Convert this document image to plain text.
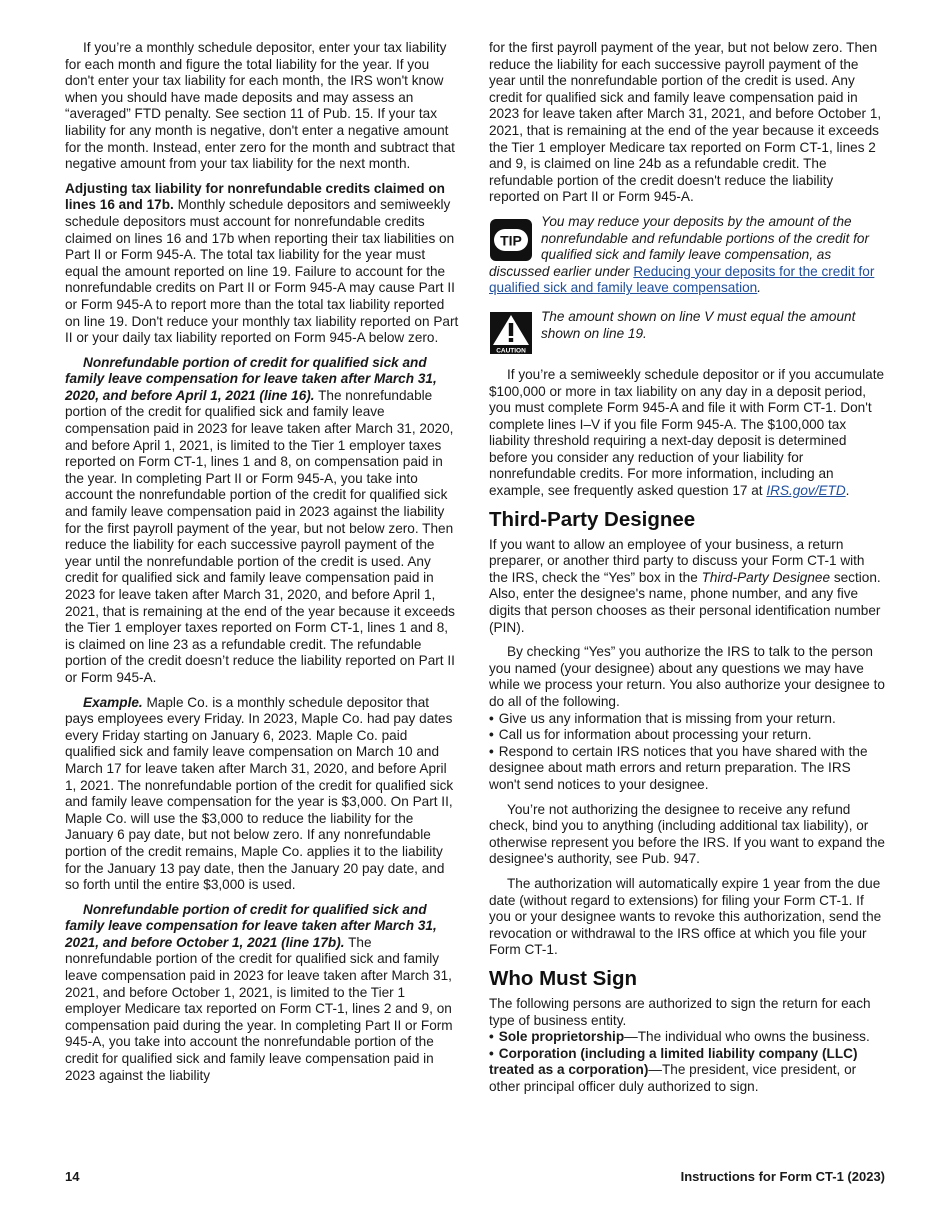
If you’re a monthly schedule depositor, enter your tax liability for each month and figure the total liability for the year. If you don't enter your tax liability for each month, the IRS won't know when you should have made deposits and may assess an “averaged” FTD penalty. See section 11 of Pub. 15. If your tax liability for any month is negative, don't enter a negative amount for the month. Instead, enter zero for the month and subtract that negative amount from your tax liability for the next month.

Adjusting tax liability for nonrefundable credits claimed on lines 16 and 17b. Monthly schedule depositors and semiweekly schedule depositors must account for nonrefundable credits claimed on lines 16 and 17b when reporting their tax liabilities on Part II or Form 945-A. The total tax liability for the year must equal the amount reported on line 19. Failure to account for the nonrefundable credits on Part II or Form 945-A may cause Part II or Form 945-A to report more than the total tax liability reported on line 19. Don't reduce your monthly tax liability reported on Part II or your daily tax liability reported on Form 945-A below zero.

Nonrefundable portion of credit for qualified sick and family leave compensation for leave taken after March 31, 2020, and before April 1, 2021 (line 16). The nonrefundable portion of the credit for qualified sick and family leave compensation paid in 2023 for leave taken after March 31, 2020, and before April 1, 2021, is limited to the Tier 1 employer taxes reported on Form CT-1, lines 1 and 8, on compensation paid in the year. In completing Part II or Form 945-A, you take into account the nonrefundable portion of the credit for qualified sick and family leave compensation paid in 2023 against the liability for the first payroll payment of the year, but not below zero. Then reduce the liability for each successive payroll payment of the year until the nonrefundable portion of the credit is used. Any credit for qualified sick and family leave compensation paid in 2023 for leave taken after March 31, 2020, and before April 1, 2021, that is remaining at the end of the year because it exceeds the Tier 1 employer taxes reported on Form CT-1, lines 1 and 8, is claimed on line 23 as a refundable credit. The refundable portion of the credit doesn’t reduce the liability reported on Part II or Form 945-A.

Example. Maple Co. is a monthly schedule depositor that pays employees every Friday. In 2023, Maple Co. had pay dates every Friday starting on January 6, 2023. Maple Co. paid qualified sick and family leave compensation on March 10 and March 17 for leave taken after March 31, 2020, and before April 1, 2021. The nonrefundable portion of the credit for qualified sick and family leave compensation for the year is $3,000. On Part II, Maple Co. will use the $3,000 to reduce the liability for the January 6 pay date, but not below zero. If any nonrefundable portion of the credit remains, Maple Co. applies it to the liability for the January 13 pay date, then the January 20 pay date, and so forth until the entire $3,000 is used.

Nonrefundable portion of credit for qualified sick and family leave compensation for leave taken after March 31, 2021, and before October 1, 2021 (line 17b). The nonrefundable portion of the credit for qualified sick and family leave compensation paid in 2023 for leave taken after March 31, 2021, and before October 1, 2021, is limited to the Tier 1 employer Medicare tax reported on Form CT-1, lines 2 and 9, on compensation paid during the year. In completing Part II or Form 945-A, you take into account the nonrefundable portion of the credit for qualified sick and family leave compensation paid in 2023 against the liability

for the first payroll payment of the year, but not below zero. Then reduce the liability for each successive payroll payment of the year until the nonrefundable portion of the credit is used. Any credit for qualified sick and family leave compensation paid in 2023 for leave taken after March 31, 2021, and before October 1, 2021, that is remaining at the end of the year because it exceeds the Tier 1 employer Medicare tax reported on Form CT-1, lines 2 and 9, is claimed on line 24b as a refundable credit. The refundable portion of the credit doesn't reduce the liability reported on Part II or Form 945-A.

TIP
You may reduce your deposits by the amount of the nonrefundable and refundable portions of the credit for qualified sick and family leave compensation, as discussed earlier under Reducing your deposits for the credit for qualified sick and family leave compensation.
CAUTION
The amount shown on line V must equal the amount shown on line 19.

If you’re a semiweekly schedule depositor or if you accumulate $100,000 or more in tax liability on any day in a deposit period, you must complete Form 945-A and file it with Form CT-1. Don't complete lines I–V if you file Form 945-A. The $100,000 tax liability threshold requiring a next-day deposit is determined before you consider any reduction of your liability for nonrefundable credits. For more information, including an example, see frequently asked question 17 at IRS.gov/ETD.

Third-Party Designee

If you want to allow an employee of your business, a return preparer, or another third party to discuss your Form CT-1 with the IRS, check the “Yes” box in the Third-Party Designee section. Also, enter the designee's name, phone number, and any five digits that person chooses as their personal identification number (PIN).

By checking “Yes” you authorize the IRS to talk to the person you named (your designee) about any questions we may have while we process your return. You also authorize your designee to do all of the following.

• Give us any information that is missing from your return.
• Call us for information about processing your return.
• Respond to certain IRS notices that you have shared with the designee about math errors and return preparation. The IRS won't send notices to your designee.

You’re not authorizing the designee to receive any refund check, bind you to anything (including additional tax liability), or otherwise represent you before the IRS. If you want to expand the designee's authority, see Pub. 947.

The authorization will automatically expire 1 year from the due date (without regard to extensions) for filing your Form CT-1. If you or your designee wants to revoke this authorization, send the revocation or withdrawal to the IRS office at which you file your Form CT-1.

Who Must Sign

The following persons are authorized to sign the return for each type of business entity.

• Sole proprietorship—The individual who owns the business.
• Corporation (including a limited liability company (LLC) treated as a corporation)—The president, vice president, or other principal officer duly authorized to sign.
14	Instructions for Form CT-1 (2023)
